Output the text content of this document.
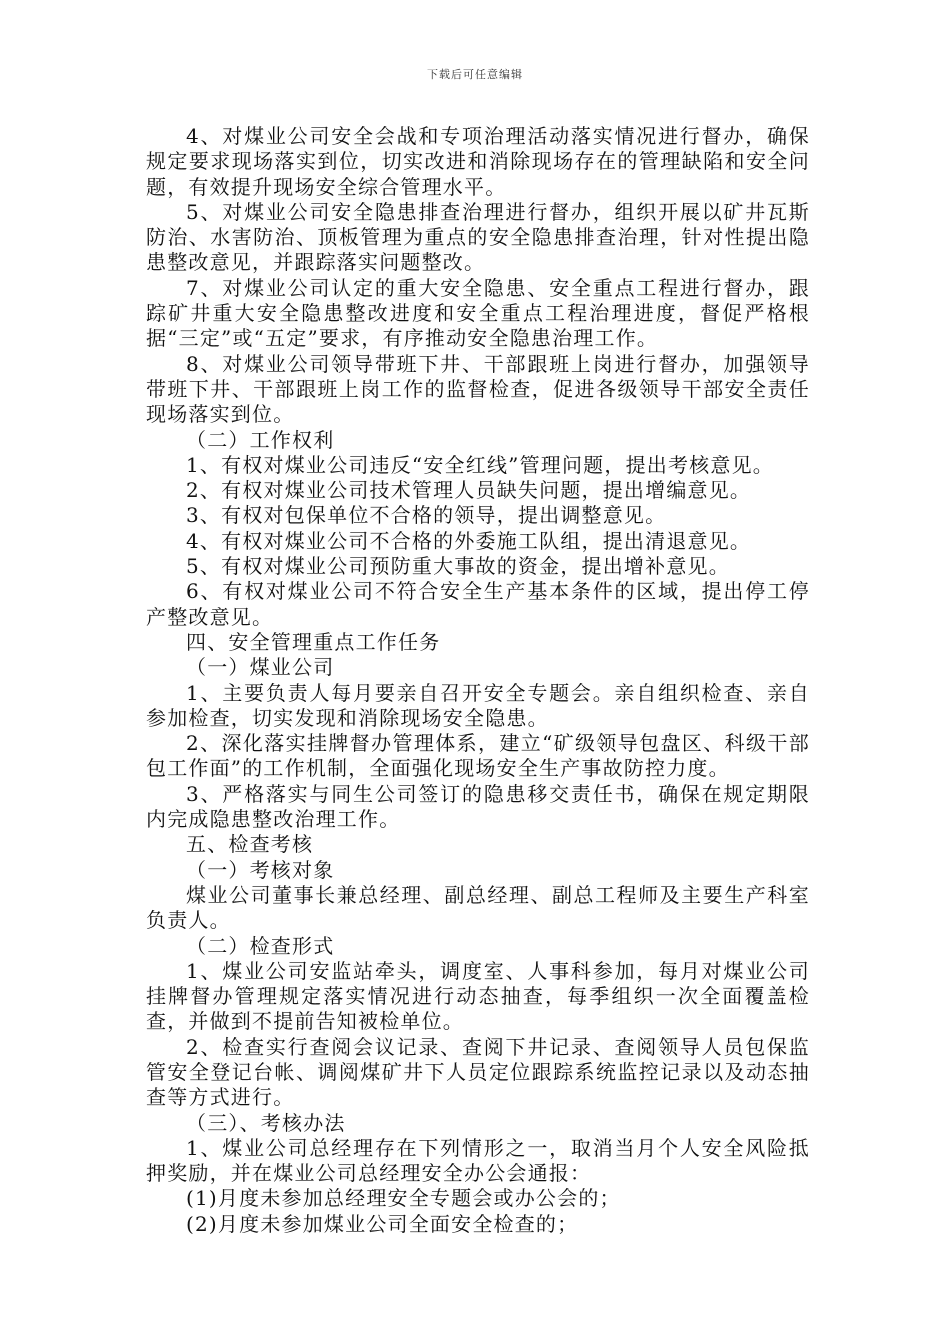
下载后可任意编辑

4、对煤业公司安全会战和专项治理活动落实情况进行督办，确保规定要求现场落实到位，切实改进和消除现场存在的管理缺陷和安全问题，有效提升现场安全综合管理水平。

5、对煤业公司安全隐患排查治理进行督办，组织开展以矿井瓦斯防治、水害防治、顶板管理为重点的安全隐患排查治理，针对性提出隐患整改意见，并跟踪落实问题整改。

7、对煤业公司认定的重大安全隐患、安全重点工程进行督办，跟踪矿井重大安全隐患整改进度和安全重点工程治理进度，督促严格根据“三定”或“五定”要求，有序推动安全隐患治理工作。

8、对煤业公司领导带班下井、干部跟班上岗进行督办，加强领导带班下井、干部跟班上岗工作的监督检查，促进各级领导干部安全责任现场落实到位。

（二）工作权利

1、有权对煤业公司违反“安全红线”管理问题，提出考核意见。

2、有权对煤业公司技术管理人员缺失问题，提出增编意见。

3、有权对包保单位不合格的领导，提出调整意见。

4、有权对煤业公司不合格的外委施工队组，提出清退意见。

5、有权对煤业公司预防重大事故的资金，提出增补意见。

6、有权对煤业公司不符合安全生产基本条件的区域，提出停工停产整改意见。

四、安全管理重点工作任务

（一）煤业公司

1、主要负责人每月要亲自召开安全专题会。亲自组织检查、亲自参加检查，切实发现和消除现场安全隐患。

2、深化落实挂牌督办管理体系，建立“矿级领导包盘区、科级干部包工作面”的工作机制，全面强化现场安全生产事故防控力度。

3、严格落实与同生公司签订的隐患移交责任书，确保在规定期限内完成隐患整改治理工作。

五、检查考核

（一）考核对象

煤业公司董事长兼总经理、副总经理、副总工程师及主要生产科室负责人。

（二）检查形式

1、煤业公司安监站牵头，调度室、人事科参加，每月对煤业公司挂牌督办管理规定落实情况进行动态抽查，每季组织一次全面覆盖检查，并做到不提前告知被检单位。

2、检查实行查阅会议记录、查阅下井记录、查阅领导人员包保监管安全登记台帐、调阅煤矿井下人员定位跟踪系统监控记录以及动态抽查等方式进行。

（三）、考核办法

1、煤业公司总经理存在下列情形之一，取消当月个人安全风险抵押奖励，并在煤业公司总经理安全办公会通报：

(1)月度未参加总经理安全专题会或办公会的；

(2)月度未参加煤业公司全面安全检查的；
